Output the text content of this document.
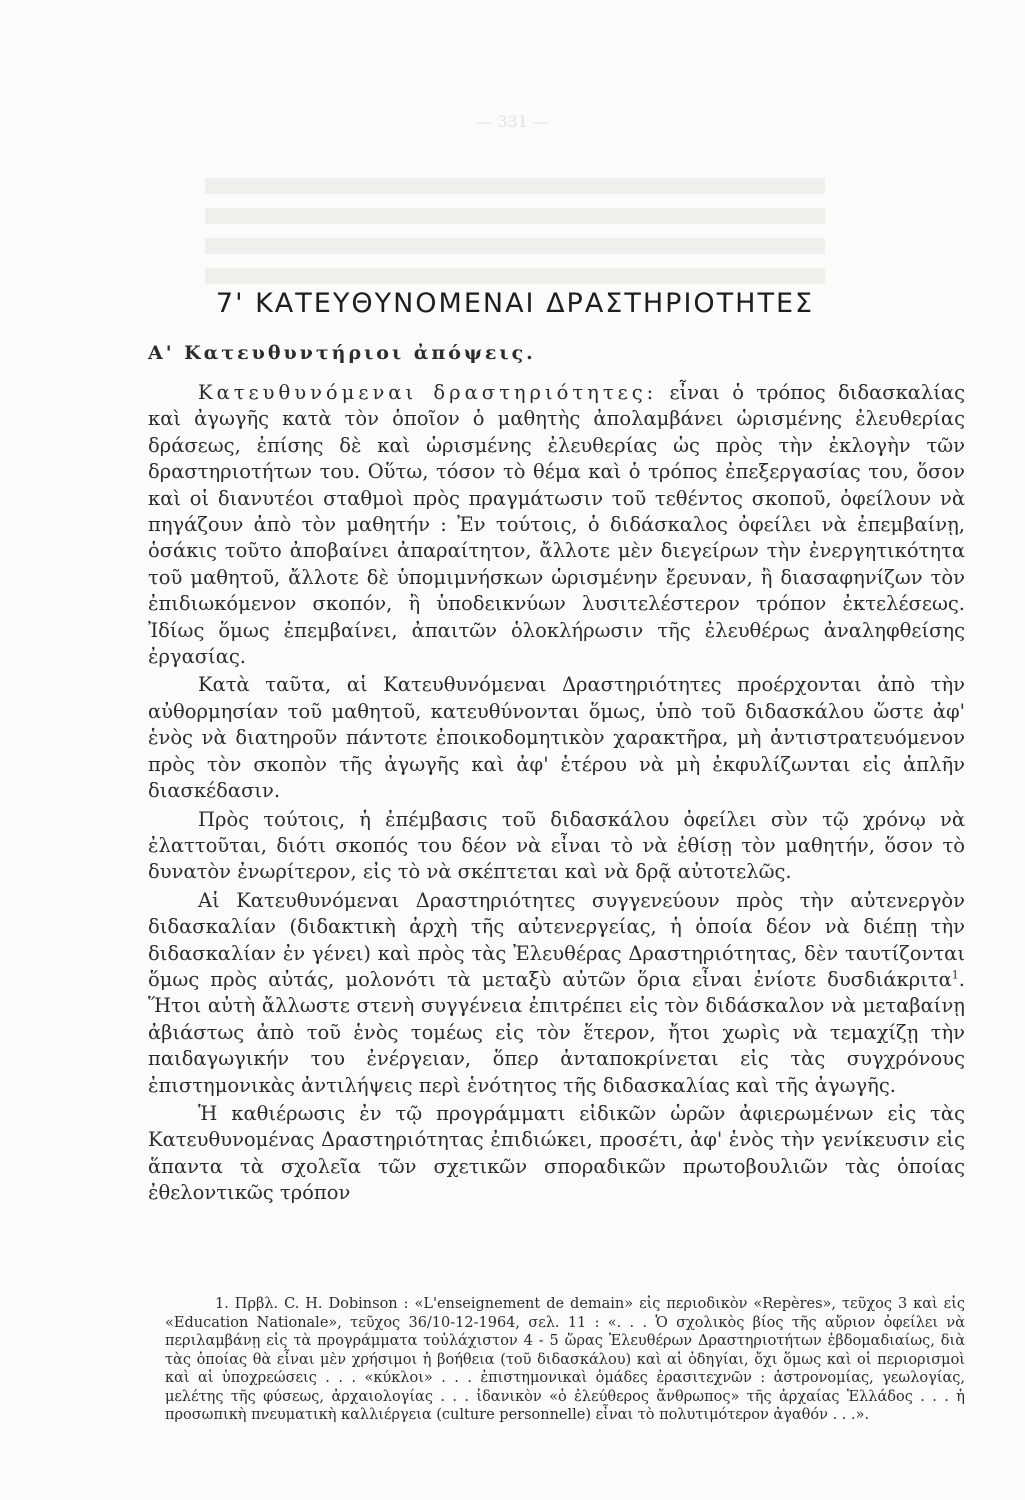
— 331 —
7' ΚΑΤΕΥΘΥΝΟΜΕΝΑΙ ΔΡΑΣΤΗΡΙΟΤΗΤΕΣ
Α' Κατευθυντήριοι ἀπόψεις.

Κατευθυνόμεναι δραστηριότητες: εἶναι ὁ τρόπος διδασκαλίας καὶ ἀγωγῆς κατὰ τὸν ὁποῖον ὁ μαθητὴς ἀπολαμβάνει ὡρισμένης ἐλευθερίας δράσεως, ἐπίσης δὲ καὶ ὡρισμένης ἐλευθερίας ὡς πρὸς τὴν ἐκλογὴν τῶν δραστηριοτήτων του. Οὕτω, τόσον τὸ θέμα καὶ ὁ τρόπος ἐπεξεργασίας του, ὅσον καὶ οἱ διανυτέοι σταθμοὶ πρὸς πραγμάτωσιν τοῦ τεθέντος σκοποῦ, ὀφείλουν νὰ πηγάζουν ἀπὸ τὸν μαθητήν : Ἐν τούτοις, ὁ διδάσκαλος ὀφείλει νὰ ἐπεμβαίνῃ, ὁσάκις τοῦτο ἀποβαίνει ἀπαραίτητον, ἄλλοτε μὲν διεγείρων τὴν ἐνεργητικότητα τοῦ μαθητοῦ, ἄλλοτε δὲ ὑπομιμνήσκων ὡρισμένην ἔρευναν, ἢ διασαφηνίζων τὸν ἐπιδιωκόμενον σκοπόν, ἢ ὑποδεικνύων λυσιτελέστερον τρόπον ἐκτελέσεως. Ἰδίως ὅμως ἐπεμβαίνει, ἀπαιτῶν ὁλοκλήρωσιν τῆς ἐλευθέρως ἀναληφθείσης ἐργασίας.

Κατὰ ταῦτα, αἱ Κατευθυνόμεναι Δραστηριότητες προέρχονται ἀπὸ τὴν αὐθορμησίαν τοῦ μαθητοῦ, κατευθύνονται ὅμως, ὑπὸ τοῦ διδασκάλου ὥστε ἀφ' ἑνὸς νὰ διατηροῦν πάντοτε ἐποικοδομητικὸν χαρακτῆρα, μὴ ἀντιστρατευόμενον πρὸς τὸν σκοπὸν τῆς ἀγωγῆς καὶ ἀφ' ἑτέρου νὰ μὴ ἐκφυλίζωνται εἰς ἁπλῆν διασκέδασιν.

Πρὸς τούτοις, ἡ ἐπέμβασις τοῦ διδασκάλου ὀφείλει σὺν τῷ χρόνῳ νὰ ἐλαττοῦται, διότι σκοπός του δέον νὰ εἶναι τὸ νὰ ἐθίσῃ τὸν μαθητήν, ὅσον τὸ δυνατὸν ἐνωρίτερον, εἰς τὸ νὰ σκέπτεται καὶ νὰ δρᾷ αὐτοτελῶς.

Αἱ Κατευθυνόμεναι Δραστηριότητες συγγενεύουν πρὸς τὴν αὐτενεργὸν διδασκαλίαν (διδακτικὴ ἀρχὴ τῆς αὐτενεργείας, ἡ ὁποία δέον νὰ διέπῃ τὴν διδασκαλίαν ἐν γένει) καὶ πρὸς τὰς Ἐλευθέρας Δραστηριότητας, δὲν ταυτίζονται ὅμως πρὸς αὐτάς, μολονότι τὰ μεταξὺ αὐτῶν ὅρια εἶναι ἐνίοτε δυσδιάκριτα$^1$. Ἥτοι αὐτὴ ἄλλωστε στενὴ συγγένεια ἐπιτρέπει εἰς τὸν διδάσκαλον νὰ μεταβαίνῃ ἀβιάστως ἀπὸ τοῦ ἑνὸς τομέως εἰς τὸν ἕτερον, ἤτοι χωρὶς νὰ τεμαχίζῃ τὴν παιδαγωγικήν του ἐνέργειαν, ὅπερ ἀνταποκρίνεται εἰς τὰς συγχρόνους ἐπιστημονικὰς ἀντιλήψεις περὶ ἑνότητος τῆς διδασκαλίας καὶ τῆς ἀγωγῆς.

Ἡ καθιέρωσις ἐν τῷ προγράμματι εἰδικῶν ὡρῶν ἀφιερωμένων εἰς τὰς Κατευθυνομένας Δραστηριότητας ἐπιδιώκει, προσέτι, ἀφ' ἑνὸς τὴν γενίκευσιν εἰς ἅπαντα τὰ σχολεῖα τῶν σχετικῶν σποραδικῶν πρωτοβουλιῶν τὰς ὁποίας ἐθελοντικῶς τρόπον

1. Πρβλ. C. H. Dobinson : «L'enseignement de demain» εἰς περιοδικὸν «Repères», τεῦχος 3 καὶ εἰς «Education Nationale», τεῦχος 36/10-12-1964, σελ. 11 : «. . . Ὁ σχολικὸς βίος τῆς αὔριον ὀφείλει νὰ περιλαμβάνῃ εἰς τὰ προγράμματα τοὐλάχιστον 4 - 5 ὥρας Ἐλευθέρων Δραστηριοτήτων ἑβδομαδιαίως, διὰ τὰς ὁποίας θὰ εἶναι μὲν χρήσιμοι ἡ βοήθεια (τοῦ διδασκάλου) καὶ αἱ ὁδηγίαι, ὄχι ὅμως καὶ οἱ περιορισμοὶ καὶ αἱ ὑποχρεώσεις . . . «κύκλοι» . . . ἐπιστημονικαὶ ὁμάδες ἐρασιτεχνῶν : ἀστρονομίας, γεωλογίας, μελέτης τῆς φύσεως, ἀρχαιολογίας . . . ἰδανικὸν «ὁ ἐλεύθερος ἄνθρωπος» τῆς ἀρχαίας Ἑλλάδος . . . ἡ προσωπικὴ πνευματικὴ καλλιέργεια (culture personnelle) εἶναι τὸ πολυτιμότερον ἀγαθόν . . .».
